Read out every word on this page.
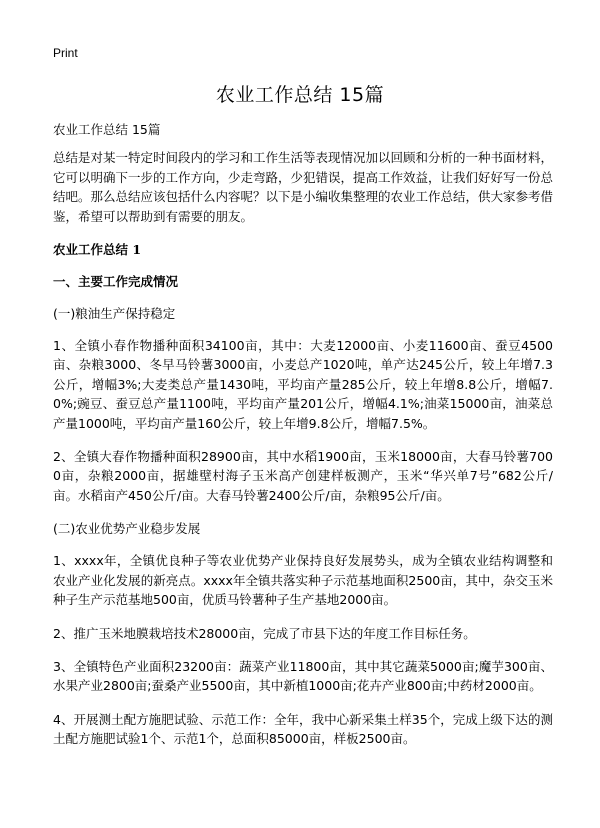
Print
农业工作总结 15篇

农业工作总结 15篇

总结是对某一特定时间段内的学习和工作生活等表现情况加以回顾和分析的一种书面材料，它可以明确下一步的工作方向，少走弯路，少犯错误，提高工作效益，让我们好好写一份总结吧。那么总结应该包括什么内容呢？以下是小编收集整理的农业工作总结，供大家参考借鉴，希望可以帮助到有需要的朋友。

农业工作总结 1

一、主要工作完成情况

(一)粮油生产保持稳定

1、全镇小春作物播种面积34100亩，其中：大麦12000亩、小麦11600亩、蚕豆4500亩、杂粮3000、冬早马铃薯3000亩，小麦总产1020吨，单产达245公斤，较上年增7.3公斤，增幅3%;大麦类总产量1430吨，平均亩产量285公斤，较上年增8.8公斤，增幅7.0%;豌豆、蚕豆总产量1100吨，平均亩产量201公斤，增幅4.1%;油菜15000亩，油菜总产量1000吨，平均亩产量160公斤，较上年增9.8公斤，增幅7.5%。

2、全镇大春作物播种面积28900亩，其中水稻1900亩，玉米18000亩，大春马铃薯7000亩，杂粮2000亩，据雄壁村海子玉米高产创建样板测产，玉米“华兴单7号”682公斤/亩。水稻亩产450公斤/亩。大春马铃薯2400公斤/亩，杂粮95公斤/亩。

(二)农业优势产业稳步发展

1、xxxx年，全镇优良种子等农业优势产业保持良好发展势头，成为全镇农业结构调整和农业产业化发展的新亮点。xxxx年全镇共落实种子示范基地面积2500亩，其中，杂交玉米种子生产示范基地500亩，优质马铃薯种子生产基地2000亩。

2、推广玉米地膜栽培技术28000亩，完成了市县下达的年度工作目标任务。

3、全镇特色产业面积23200亩：蔬菜产业11800亩，其中其它蔬菜5000亩;魔芋300亩、水果产业2800亩;蚕桑产业5500亩，其中新植1000亩;花卉产业800亩;中药材2000亩。

4、开展测土配方施肥试验、示范工作：全年，我中心新采集土样35个，完成上级下达的测土配方施肥试验1个、示范1个，总面积85000亩，样板2500亩。
